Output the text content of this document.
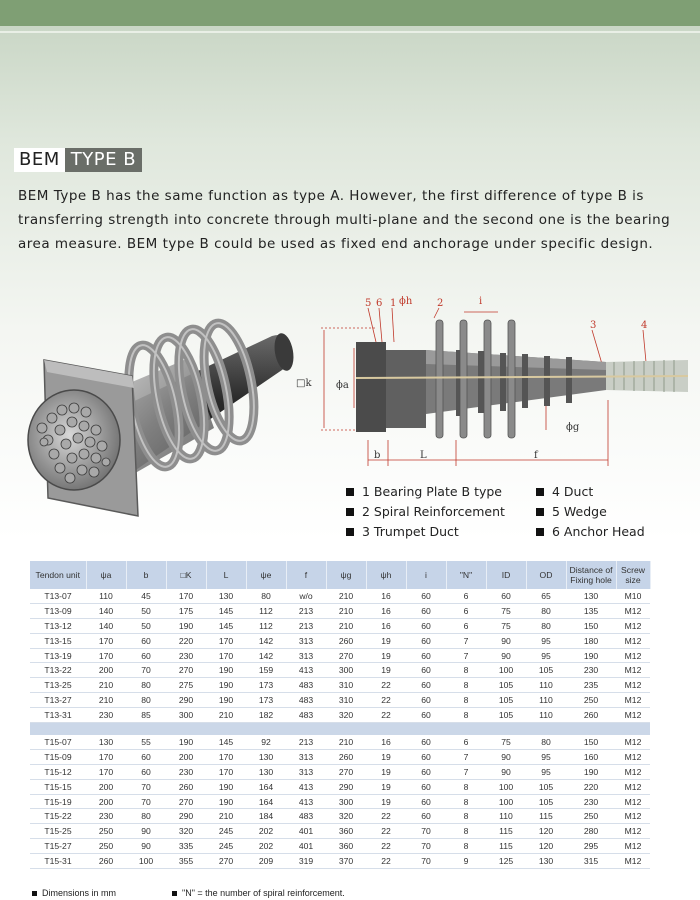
BEM TYPE B

BEM Type B has the same function as type A. However, the first difference of type B is transferring strength into concrete through multi-plane and the second one is the bearing area measure. BEM type B could be used as fixed end anchorage under specific design.

5 6 1 ϕh 2	i
3	4
□k ϕa
ϕg
b	L	f
1 Bearing Plate B type	4 Duct
2 Spiral Reinforcement	5 Wedge
3 Trumpet Duct	6 Anchor Head
Tendon unit	ψa	b	□K	L	ψe	f	ψg	ψh	i	"N"	ID	OD	Distance of Fixing hole	Screw size
T13-07	110	45	170	130	80	w/o	210	16	60	6	60	65	130	M10
T13-09	140	50	175	145	112	213	210	16	60	6	75	80	135	M12
T13-12	140	50	190	145	112	213	210	16	60	6	75	80	150	M12
T13-15	170	60	220	170	142	313	260	19	60	7	90	95	180	M12
T13-19	170	60	230	170	142	313	270	19	60	7	90	95	190	M12
T13-22	200	70	270	190	159	413	300	19	60	8	100	105	230	M12
T13-25	210	80	275	190	173	483	310	22	60	8	105	110	235	M12
T13-27	210	80	290	190	173	483	310	22	60	8	105	110	250	M12
T13-31	230	85	300	210	182	483	320	22	60	8	105	110	260	M12

T15-07	130	55	190	145	92	213	210	16	60	6	75	80	150	M12
T15-09	170	60	200	170	130	313	260	19	60	7	90	95	160	M12
T15-12	170	60	230	170	130	313	270	19	60	7	90	95	190	M12
T15-15	200	70	260	190	164	413	290	19	60	8	100	105	220	M12
T15-19	200	70	270	190	164	413	300	19	60	8	100	105	230	M12
T15-22	230	80	290	210	184	483	320	22	60	8	110	115	250	M12
T15-25	250	90	320	245	202	401	360	22	70	8	115	120	280	M12
T15-27	250	90	335	245	202	401	360	22	70	8	115	120	295	M12
T15-31	260	100	355	270	209	319	370	22	70	9	125	130	315	M12
Dimensions in mm	"N" = the number of spiral reinforcement.
